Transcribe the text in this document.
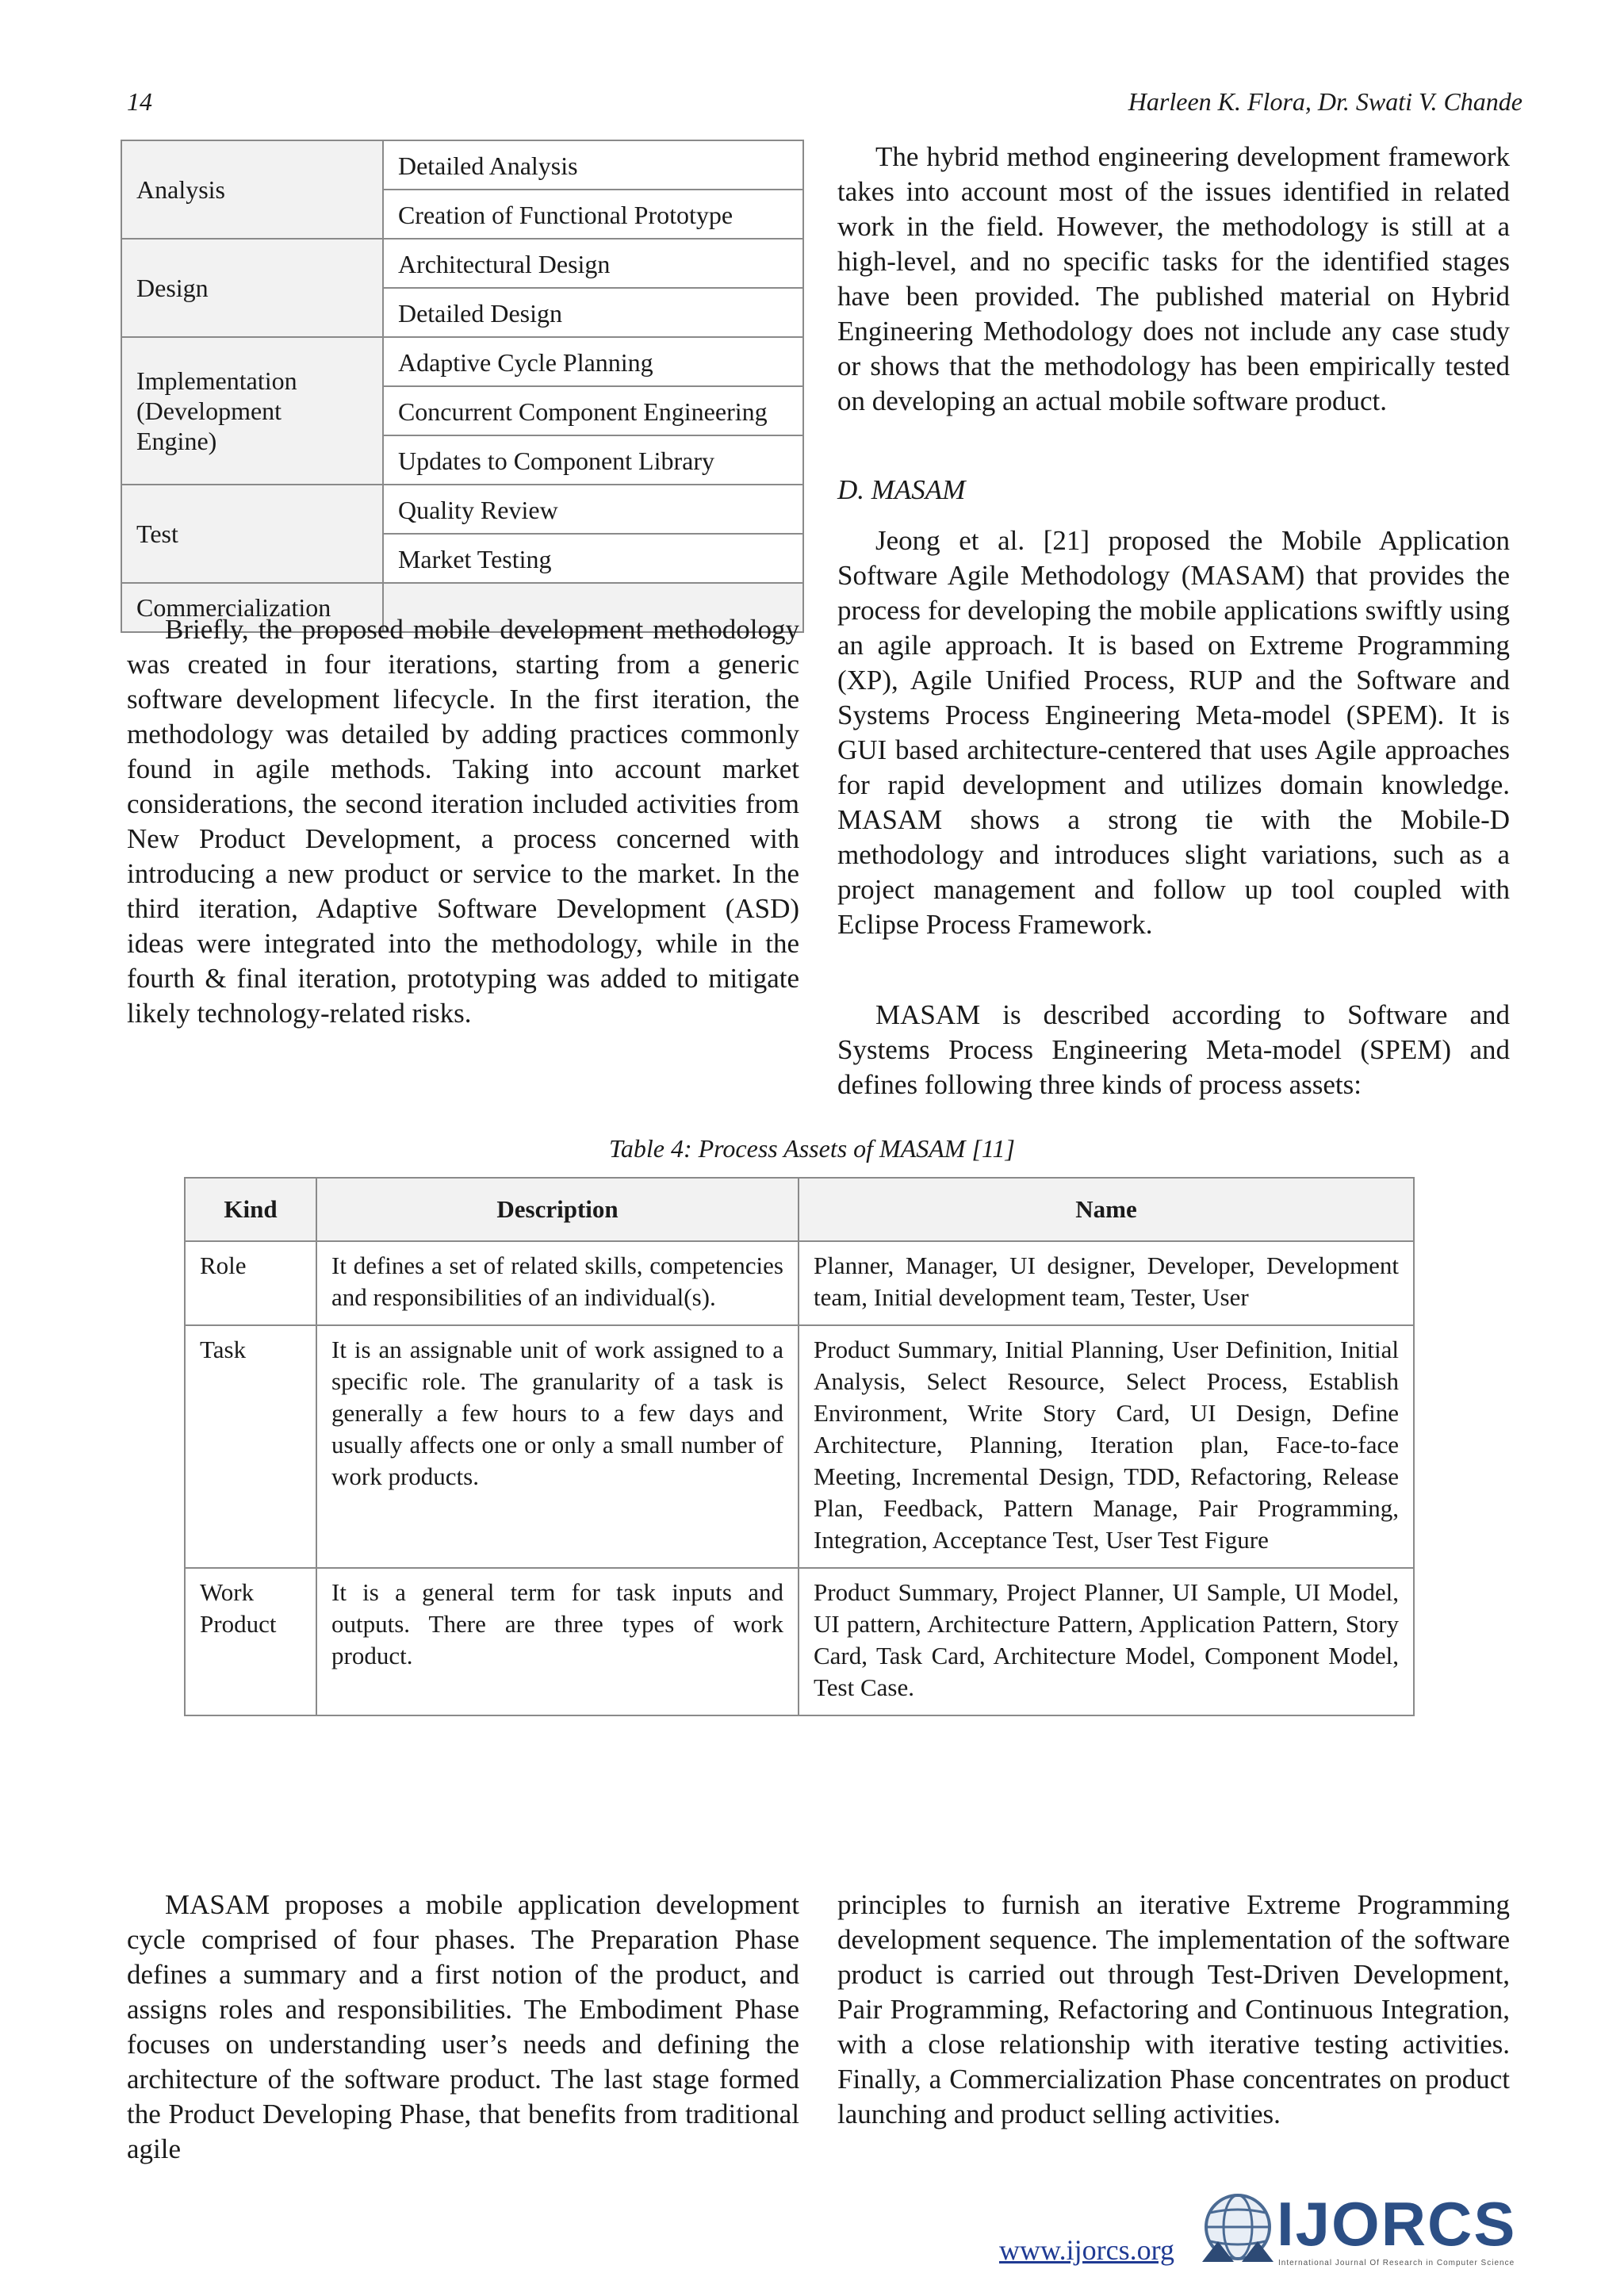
14	Harleen K. Flora, Dr. Swati V. Chande
Analysis	Detailed Analysis
	Creation of Functional Prototype
Design	Architectural Design
	Detailed Design
Implementation (Development Engine)	Adaptive Cycle Planning
	Concurrent Component Engineering
	Updates to Component Library
Test	Quality Review
	Market Testing
Commercialization	

Briefly, the proposed mobile development methodology was created in four iterations, starting from a generic software development lifecycle. In the first iteration, the methodology was detailed by adding practices commonly found in agile methods. Taking into account market considerations, the second iteration included activities from New Product Development, a process concerned with introducing a new product or service to the market. In the third iteration, Adaptive Software Development (ASD) ideas were integrated into the methodology, while in the fourth & final iteration, prototyping was added to mitigate likely technology-related risks.

The hybrid method engineering development framework takes into account most of the issues identified in related work in the field. However, the methodology is still at a high-level, and no specific tasks for the identified stages have been provided. The published material on Hybrid Engineering Methodology does not include any case study or shows that the methodology has been empirically tested on developing an actual mobile software product.

D. MASAM

Jeong et al. [21] proposed the Mobile Application Software Agile Methodology (MASAM) that provides the process for developing the mobile applications swiftly using an agile approach. It is based on Extreme Programming (XP), Agile Unified Process, RUP and the Software and Systems Process Engineering Meta-model (SPEM). It is GUI based architecture-centered that uses Agile approaches for rapid development and utilizes domain knowledge. MASAM shows a strong tie with the Mobile-D methodology and introduces slight variations, such as a project management and follow up tool coupled with Eclipse Process Framework.

MASAM is described according to Software and Systems Process Engineering Meta-model (SPEM) and defines following three kinds of process assets:

Table 4: Process Assets of MASAM [11]
Kind	Description	Name
Role	It defines a set of related skills, competencies and responsibilities of an individual(s).	Planner, Manager, UI designer, Developer, Development team, Initial development team, Tester, User
Task	It is an assignable unit of work assigned to a specific role. The granularity of a task is generally a few hours to a few days and usually affects one or only a small number of work products.	Product Summary, Initial Planning, User Definition, Initial Analysis, Select Resource, Select Process, Establish Environment, Write Story Card, UI Design, Define Architecture, Planning, Iteration plan, Face-to-face Meeting, Incremental Design, TDD, Refactoring, Release Plan, Feedback, Pattern Manage, Pair Programming, Integration, Acceptance Test, User Test Figure
Work Product	It is a general term for task inputs and outputs. There are three types of work product.	Product Summary, Project Planner, UI Sample, UI Model, UI pattern, Architecture Pattern, Application Pattern, Story Card, Task Card, Architecture Model, Component Model, Test Case.

MASAM proposes a mobile application development cycle comprised of four phases. The Preparation Phase defines a summary and a first notion of the product, and assigns roles and responsibilities. The Embodiment Phase focuses on understanding user’s needs and defining the architecture of the software product. The last stage formed the Product Developing Phase, that benefits from traditional agile

principles to furnish an iterative Extreme Programming development sequence. The implementation of the software product is carried out through Test-Driven Development, Pair Programming, Refactoring and Continuous Integration, with a close relationship with iterative testing activities. Finally, a Commercialization Phase concentrates on product launching and product selling activities.

www.ijorcs.org IJORCS
International Journal Of Research in Computer Science
